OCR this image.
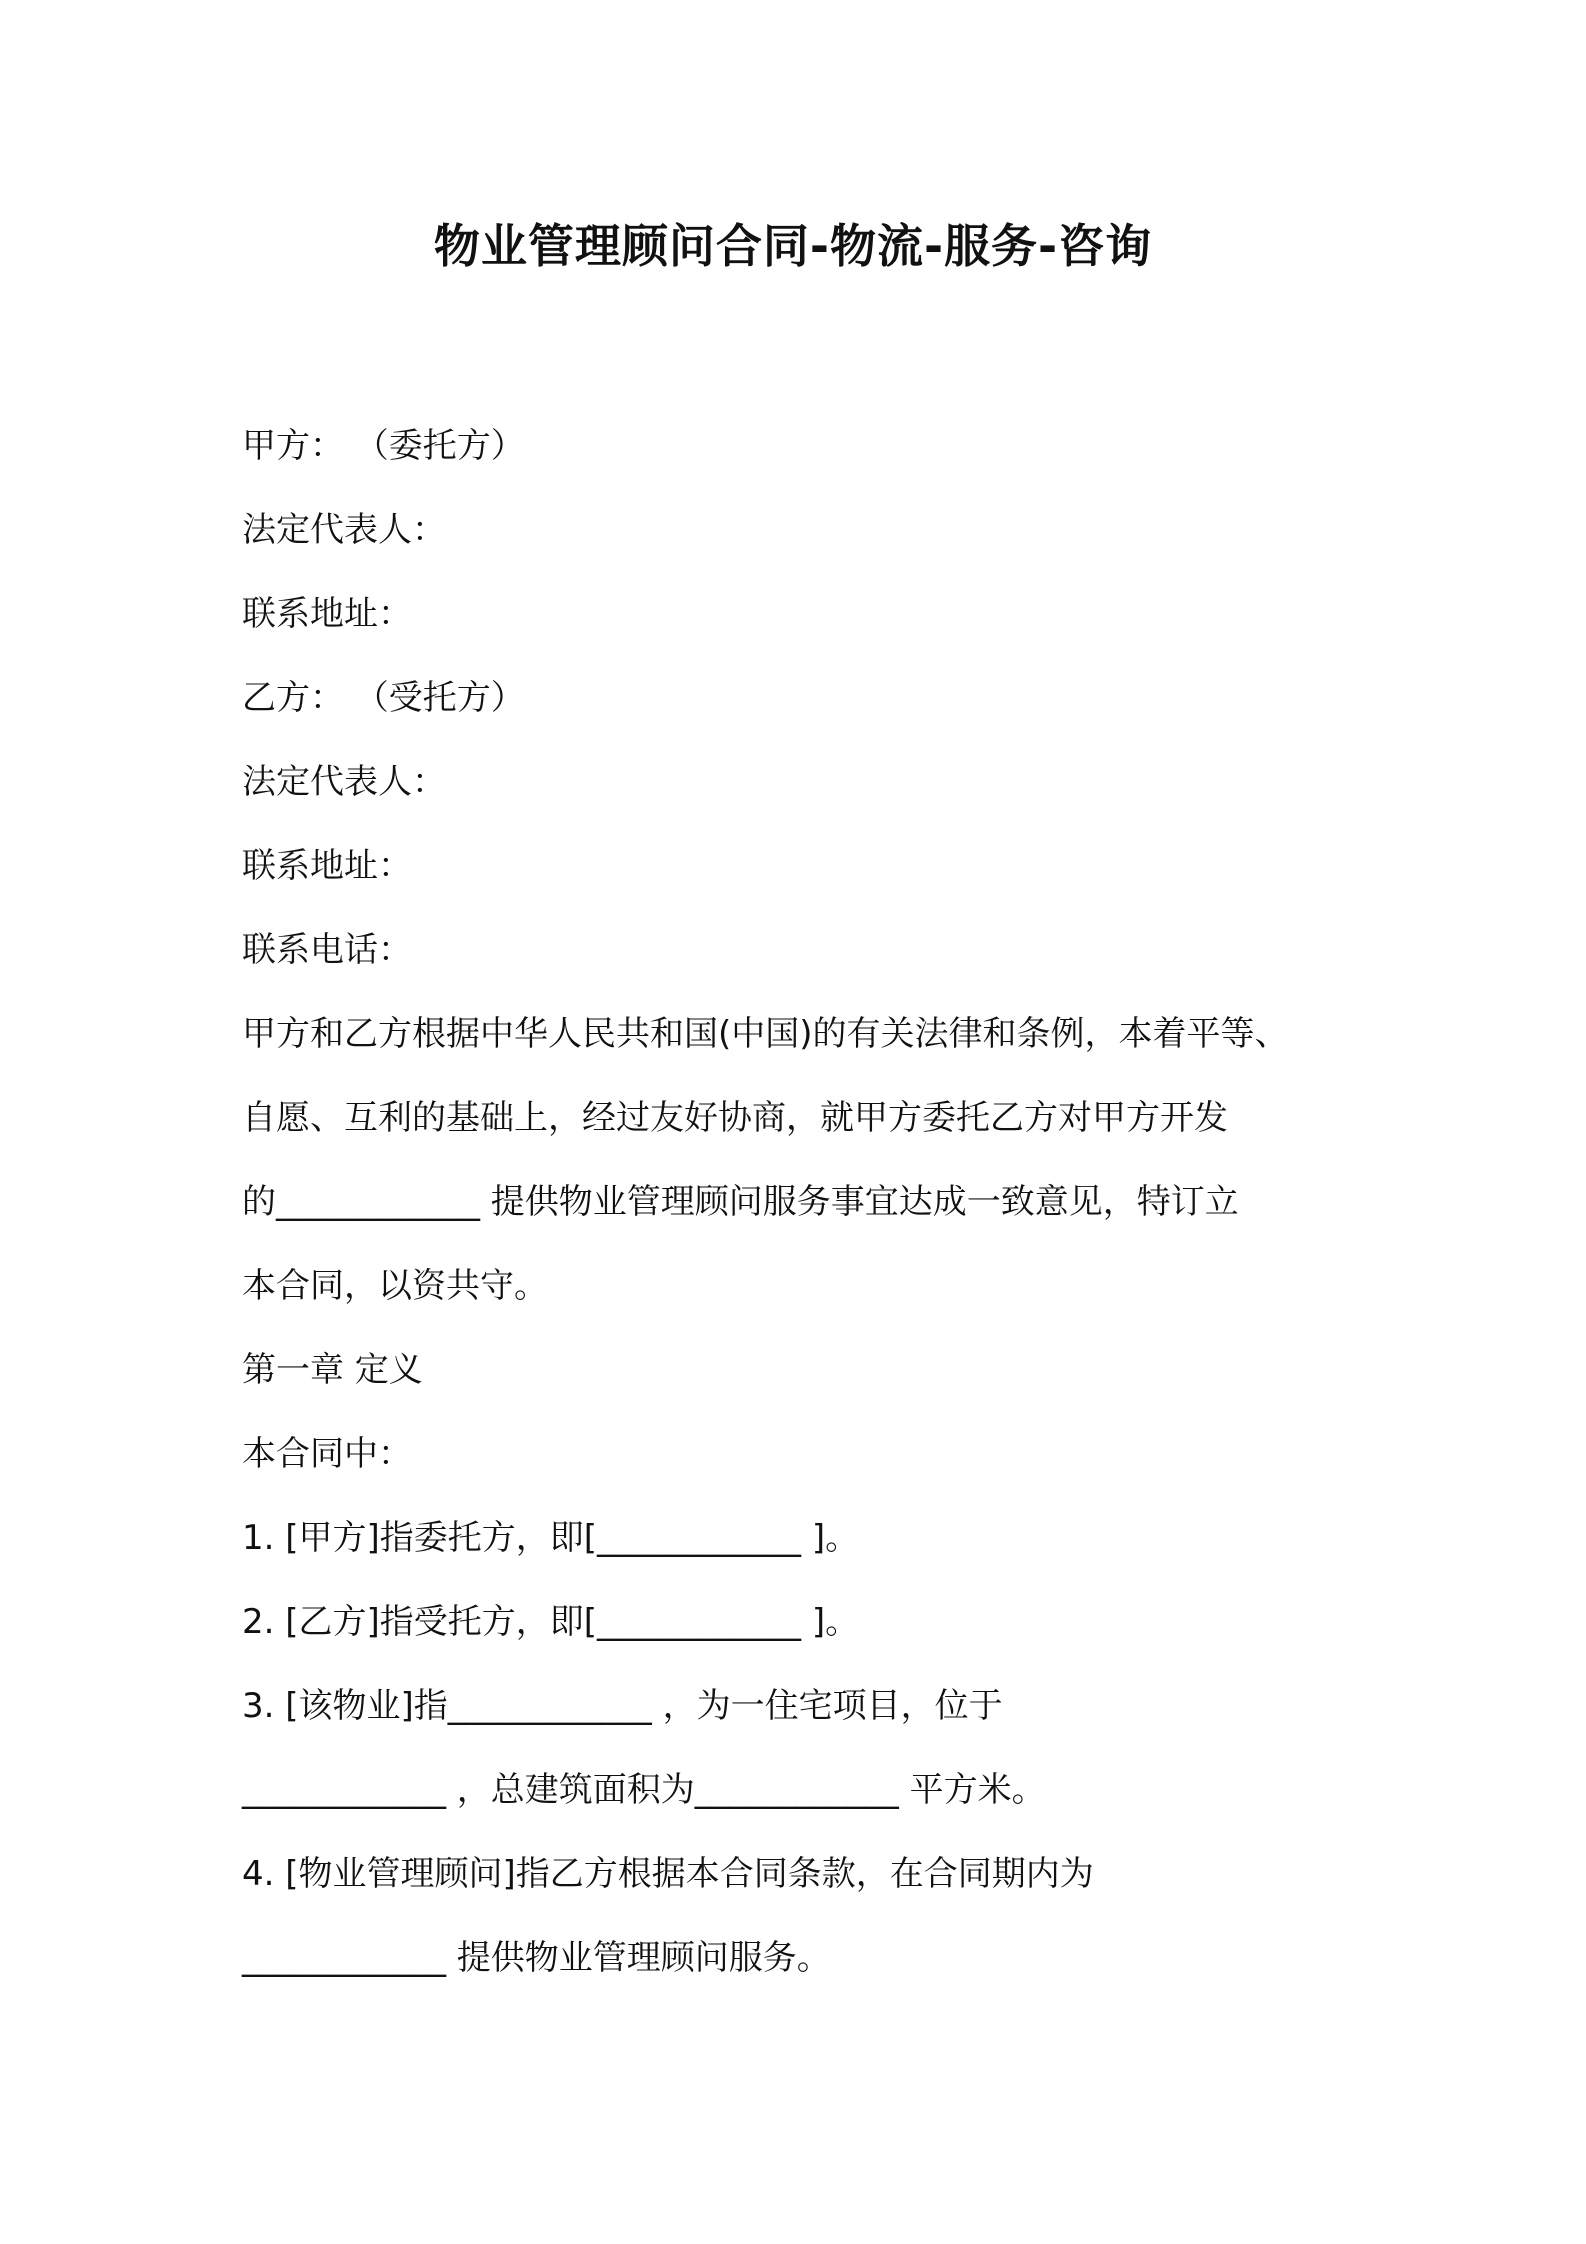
物业管理顾问合同-物流-服务-咨询
甲方： （委托方）
法定代表人：
联系地址：
乙方： （受托方）
法定代表人：
联系地址：
联系电话：
甲方和乙方根据中华人民共和国(中国)的有关法律和条例，本着平等、
自愿、互利的基础上，经过友好协商，就甲方委托乙方对甲方开发
的____________ 提供物业管理顾问服务事宜达成一致意见，特订立
本合同，以资共守。
第一章 定义
本合同中：
1. [甲方]指委托方，即[____________ ]。
2. [乙方]指受托方，即[____________ ]。
3. [该物业]指____________ ，为一住宅项目，位于
____________ ，总建筑面积为____________ 平方米。
4. [物业管理顾问]指乙方根据本合同条款，在合同期内为
____________ 提供物业管理顾问服务。
